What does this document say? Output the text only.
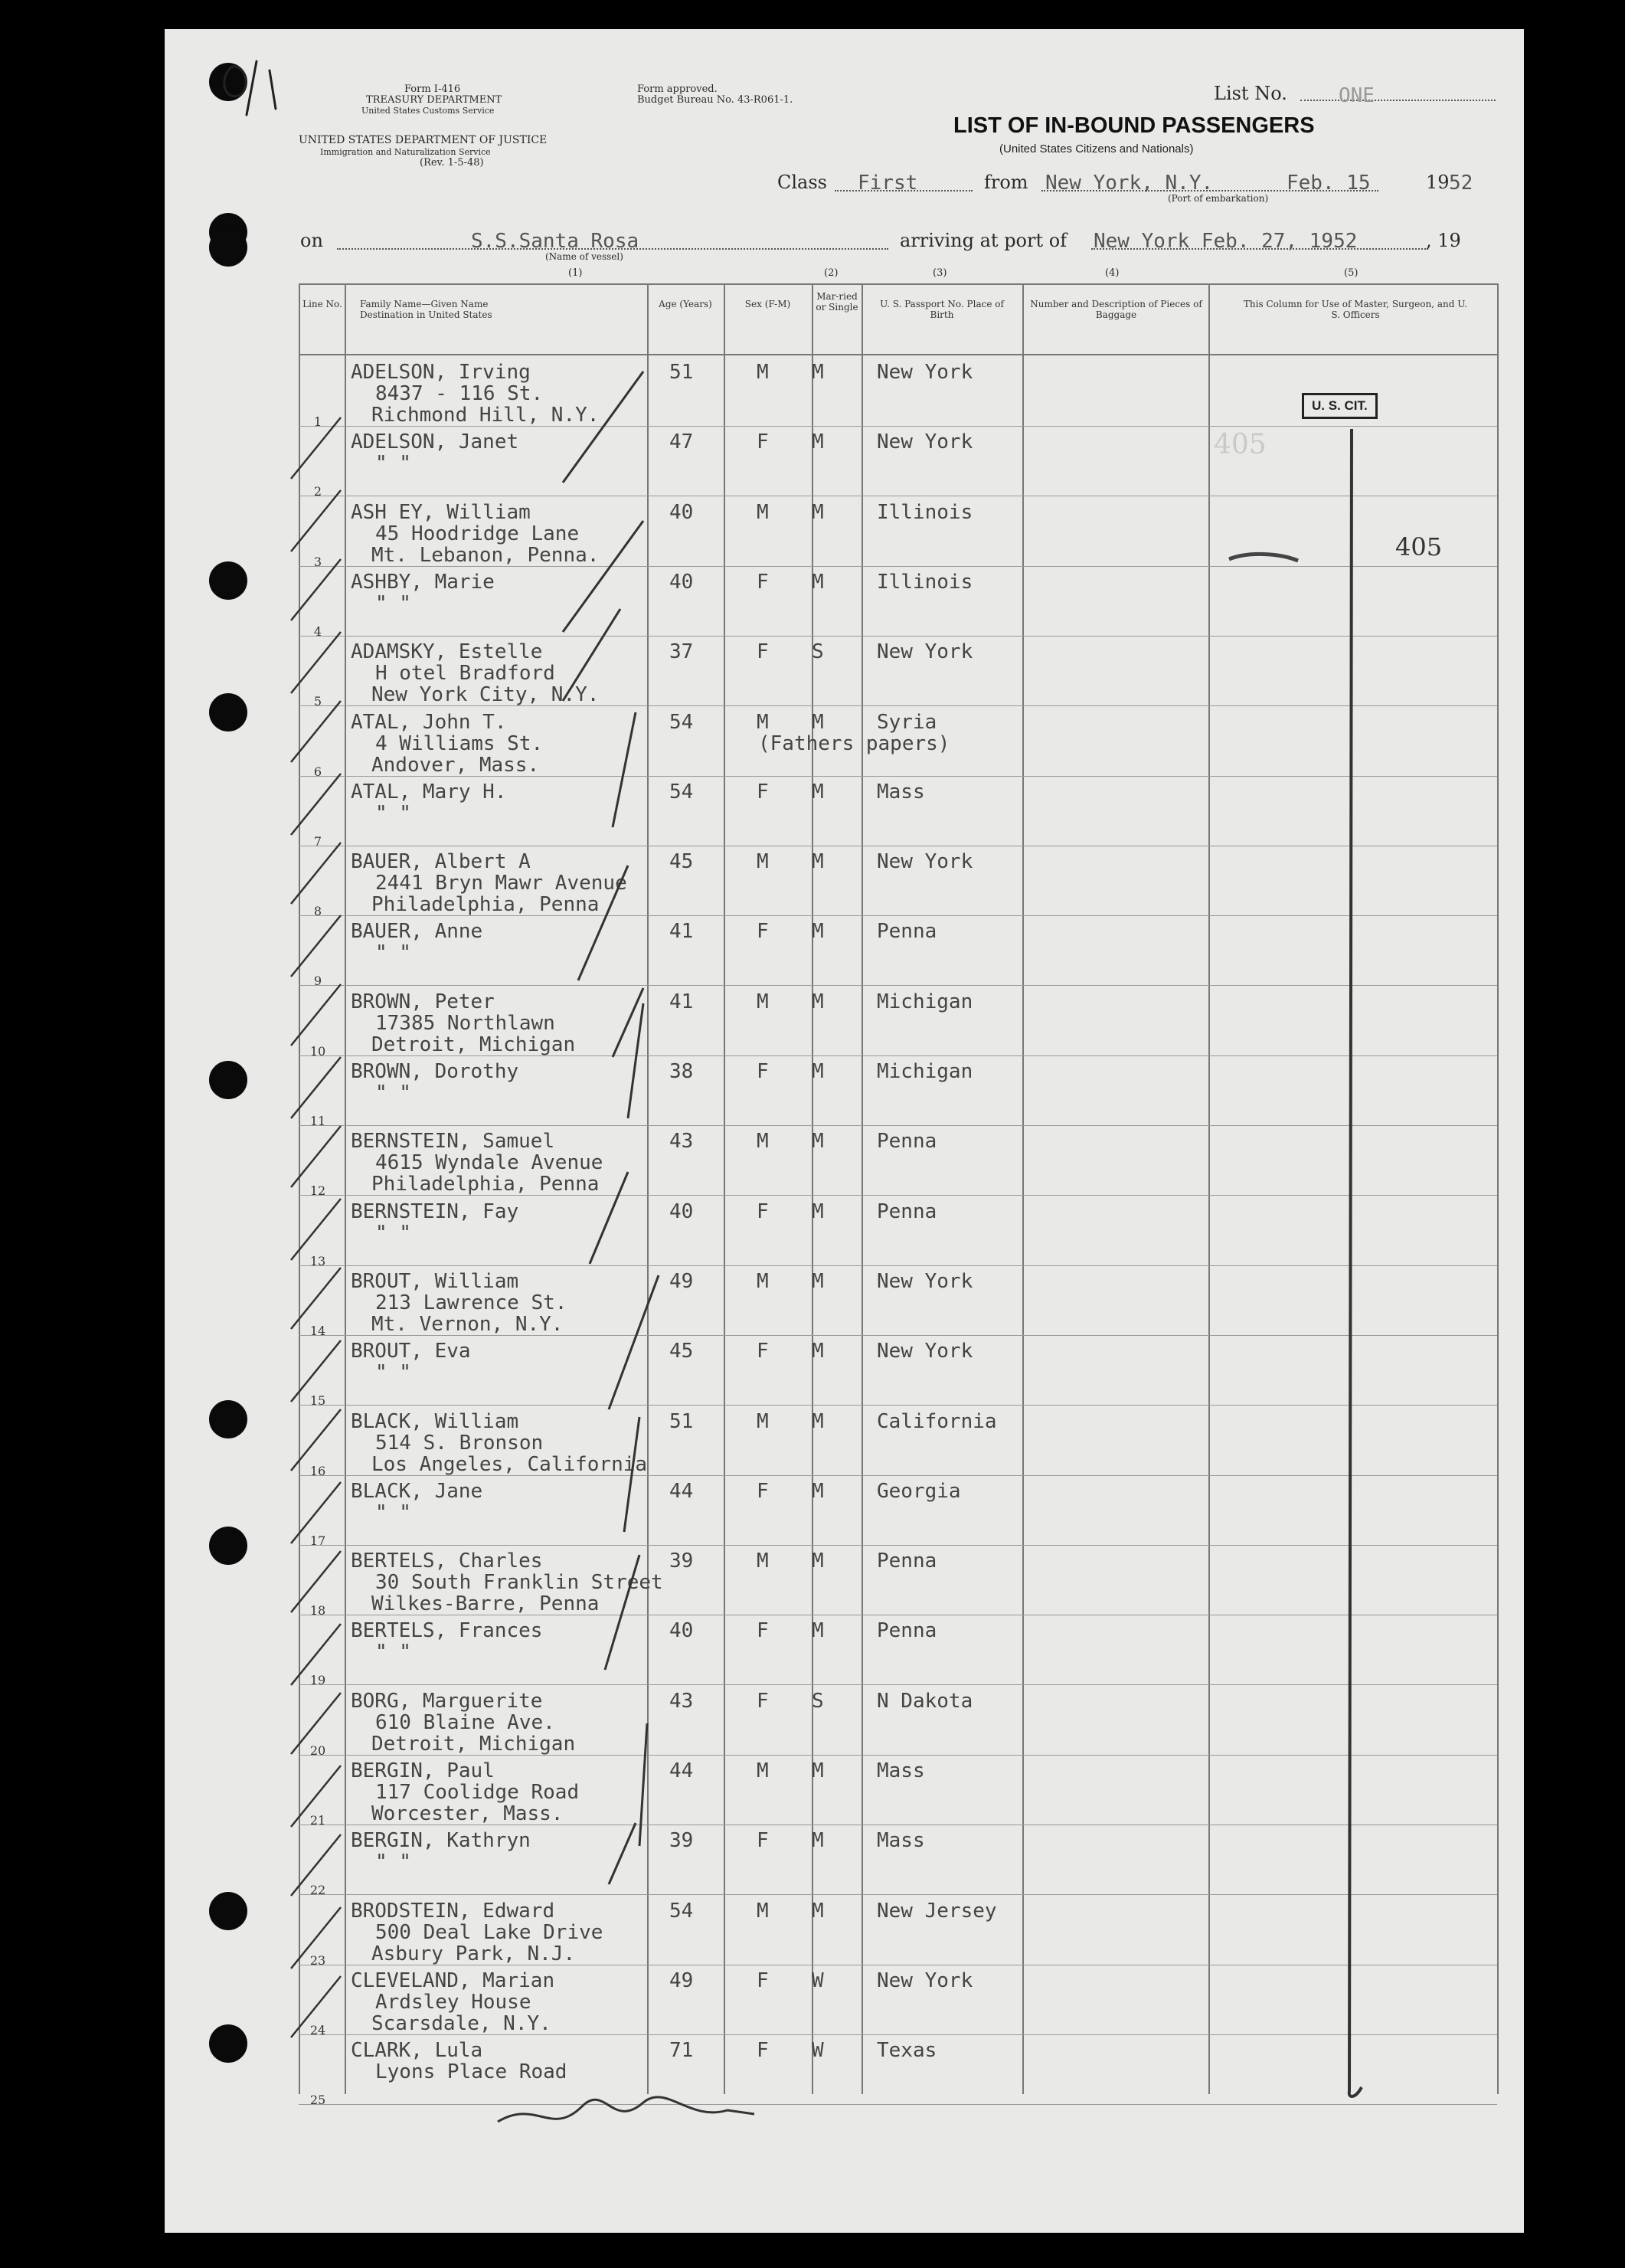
Form I-416
TREASURY DEPARTMENT
United States Customs Service
UNITED STATES DEPARTMENT OF JUSTICE
Immigration and Naturalization Service
(Rev. 1-5-48)
Form approved.
Budget Bureau No. 43-R061-1.	List No.	ONE
LIST OF IN-BOUND PASSENGERS
(United States Citizens and Nationals)
Class First	from New York, N.Y.	Feb. 15	19 52
(Port of embarkation)
on	S.S.Santa Rosa
(Name of vessel)
arriving at port of New York Feb. 27, 1952	, 19
(1)	(2)	(3)	(4)	(5)
Line No. Family Name—Given Name Destination in United States
Age (Years)	Sex (F-M)
Mar-ried or Single	U. S. Passport No. Place of Birth
Number and Description of Pieces of Baggage
This Column for Use of Master, Surgeon, and U. S. Officers
1
ADELSON, Irving
8437 - 116 St.
Richmond Hill, N.Y.
51	M M	New York
2
ADELSON, Janet
" "
47	F M	New York
3
ASH EY, William
45 Hoodridge Lane
Mt. Lebanon, Penna.
40	M M	Illinois
4
ASHBY, Marie
" "
40	F M	Illinois
5
ADAMSKY, Estelle
H otel Bradford
New York City, N.Y.
37	F S	New York
6
ATAL, John T.
4 Williams St.
Andover, Mass.
54	M M	Syria
(Fathers papers)
7
ATAL, Mary H.
" "
54	F M	Mass
8
BAUER, Albert A
2441 Bryn Mawr Avenue
Philadelphia, Penna
45	M M	New York
9
BAUER, Anne
" "
41	F M	Penna
10
BROWN, Peter
17385 Northlawn
Detroit, Michigan
41	M M	Michigan
11
BROWN, Dorothy
" "
38	F M	Michigan
12
BERNSTEIN, Samuel
4615 Wyndale Avenue
Philadelphia, Penna
43	M M	Penna
13
BERNSTEIN, Fay
" "
40	F M	Penna
14
BROUT, William
213 Lawrence St.
Mt. Vernon, N.Y.
49	M M	New York
15
BROUT, Eva
" "
45	F M	New York
16
BLACK, William
514 S. Bronson
Los Angeles, California
51	M M	California
17
BLACK, Jane
" "
44	F M	Georgia
18
BERTELS, Charles
30 South Franklin Street
Wilkes-Barre, Penna
39	M M	Penna
19
BERTELS, Frances
" "
40	F M	Penna
20
BORG, Marguerite
610 Blaine Ave.
Detroit, Michigan
43	F S	N Dakota
21
BERGIN, Paul
117 Coolidge Road
Worcester, Mass.
44	M M	Mass
22
BERGIN, Kathryn
" "
39	F M	Mass
23
BRODSTEIN, Edward
500 Deal Lake Drive
Asbury Park, N.J.
54	M M	New Jersey
24
CLEVELAND, Marian
Ardsley House
Scarsdale, N.Y.
49	F W	New York
25
CLARK, Lula
Lyons Place Road
71	F W	Texas
U. S. CIT.
405
405
